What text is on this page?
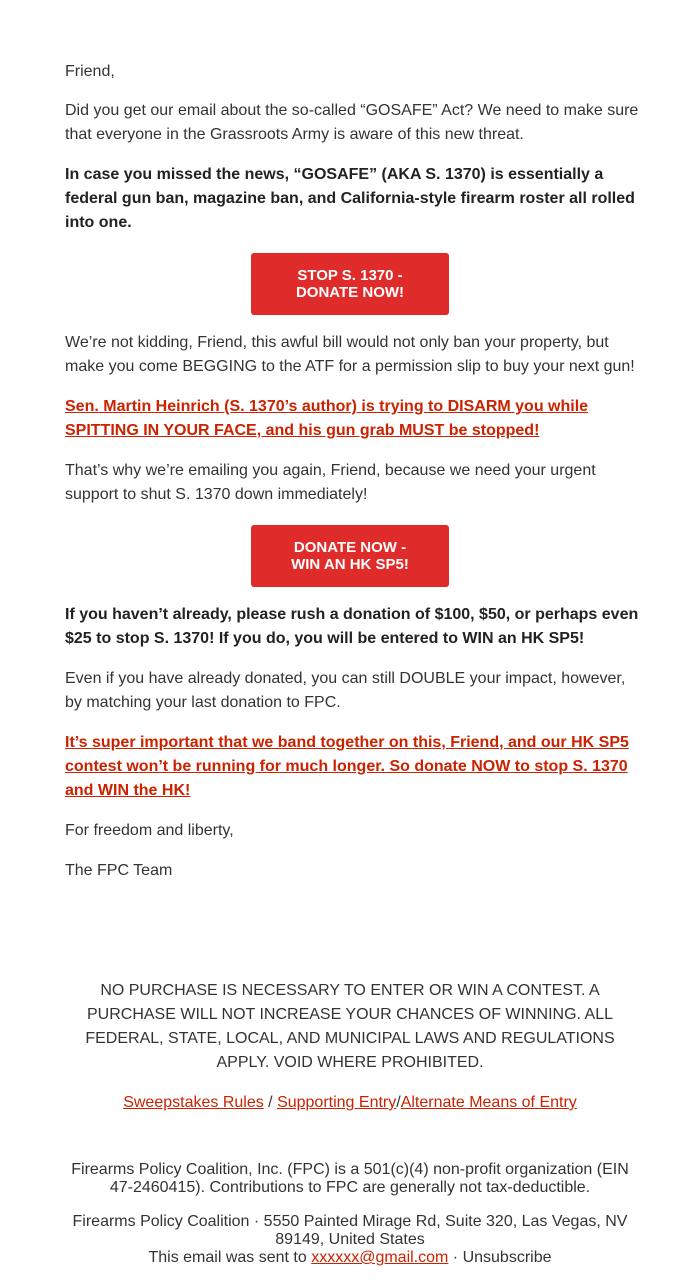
Friend,

Did you get our email about the so-called “GOSAFE” Act? We need to make sure that everyone in the Grassroots Army is aware of this new threat.

In case you missed the news, “GOSAFE” (AKA S. 1370) is essentially a federal gun ban, magazine ban, and California-style firearm roster all rolled into one.

STOP S. 1370 -
DONATE NOW!

We’re not kidding, Friend, this awful bill would not only ban your property, but make you come BEGGING to the ATF for a permission slip to buy your next gun!

Sen. Martin Heinrich (S. 1370’s author) is trying to DISARM you while SPITTING IN YOUR FACE, and his gun grab MUST be stopped!

That’s why we’re emailing you again, Friend, because we need your urgent support to shut S. 1370 down immediately!

DONATE NOW -
WIN AN HK SP5!

If you haven’t already, please rush a donation of $100, $50, or perhaps even $25 to stop S. 1370! If you do, you will be entered to WIN an HK SP5!

Even if you have already donated, you can still DOUBLE your impact, however, by matching your last donation to FPC.

It’s super important that we band together on this, Friend, and our HK SP5 contest won’t be running for much longer. So donate NOW to stop S. 1370 and WIN the HK!

For freedom and liberty,

The FPC Team

NO PURCHASE IS NECESSARY TO ENTER OR WIN A CONTEST. A PURCHASE WILL NOT INCREASE YOUR CHANCES OF WINNING. ALL FEDERAL, STATE, LOCAL, AND MUNICIPAL LAWS AND REGULATIONS APPLY. VOID WHERE PROHIBITED.
Sweepstakes Rules / Supporting Entry/Alternate Means of Entry
Firearms Policy Coalition, Inc. (FPC) is a 501(c)(4) non-profit organization (EIN 47-2460415). Contributions to FPC are generally not tax-deductible.
Firearms Policy Coalition · 5550 Painted Mirage Rd, Suite 320, Las Vegas, NV 89149, United States
This email was sent to xxxxxx@gmail.com · Unsubscribe
